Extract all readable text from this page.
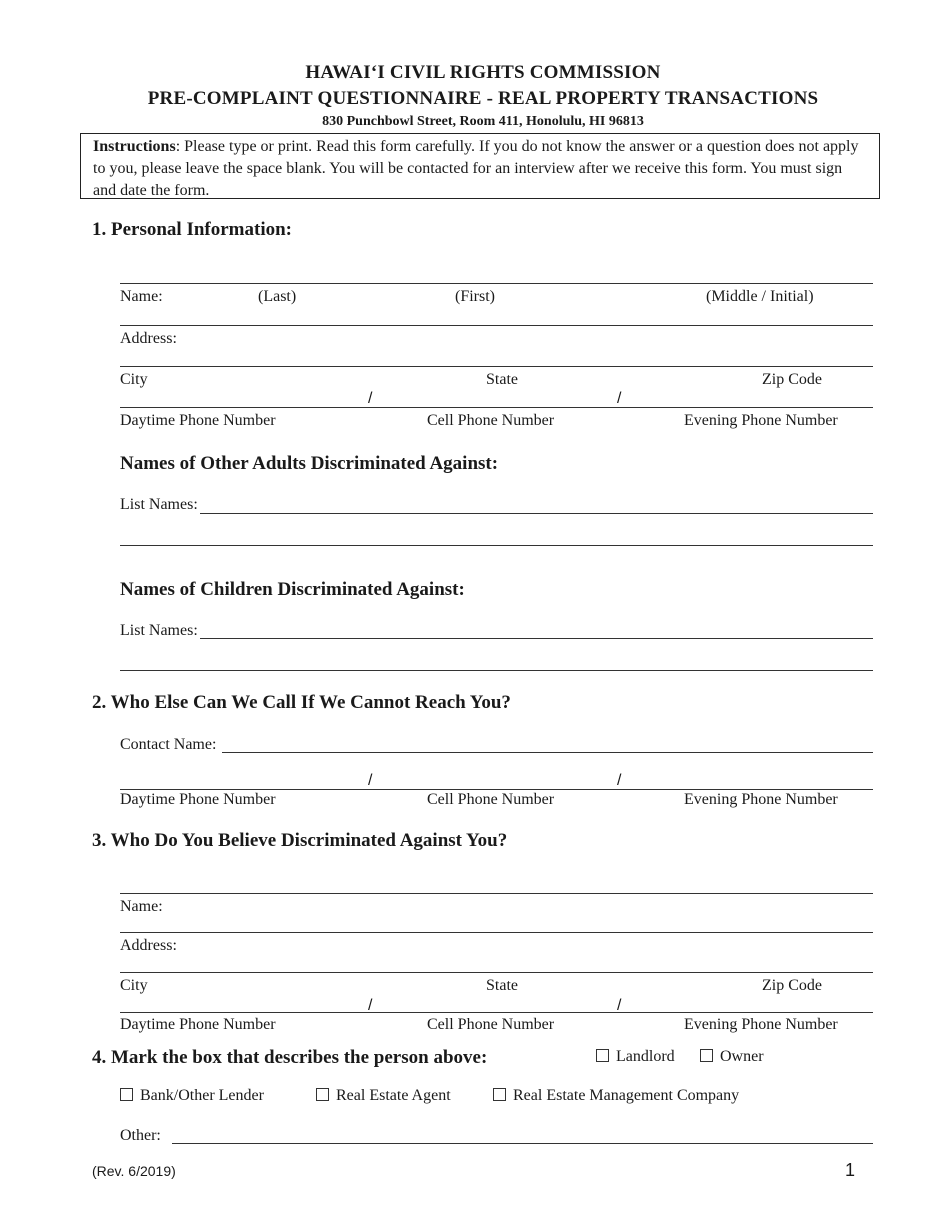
HAWAI‘I CIVIL RIGHTS COMMISSION
PRE-COMPLAINT QUESTIONNAIRE - REAL PROPERTY TRANSACTIONS
830 Punchbowl Street, Room 411, Honolulu, HI 96813
Instructions: Please type or print. Read this form carefully. If you do not know the answer or a question does not apply to you, please leave the space blank. You will be contacted for an interview after we receive this form. You must sign and date the form.
1. Personal Information:
Name:	(Last)	(First)	(Middle / Initial)
Address:
City	State	Zip Code
/	/
Daytime Phone Number	Cell Phone Number	Evening Phone Number
Names of Other Adults Discriminated Against:
List Names:
Names of Children Discriminated Against:
List Names:
2. Who Else Can We Call If We Cannot Reach You?
Contact Name:
/	/
Daytime Phone Number	Cell Phone Number	Evening Phone Number
3. Who Do You Believe Discriminated Against You?
Name:
Address:
City	State	Zip Code
/	/
Daytime Phone Number	Cell Phone Number	Evening Phone Number
4. Mark the box that describes the person above:	Landlord	Owner
Bank/Other Lender	Real Estate Agent	Real Estate Management Company
Other:
(Rev. 6/2019)	1
